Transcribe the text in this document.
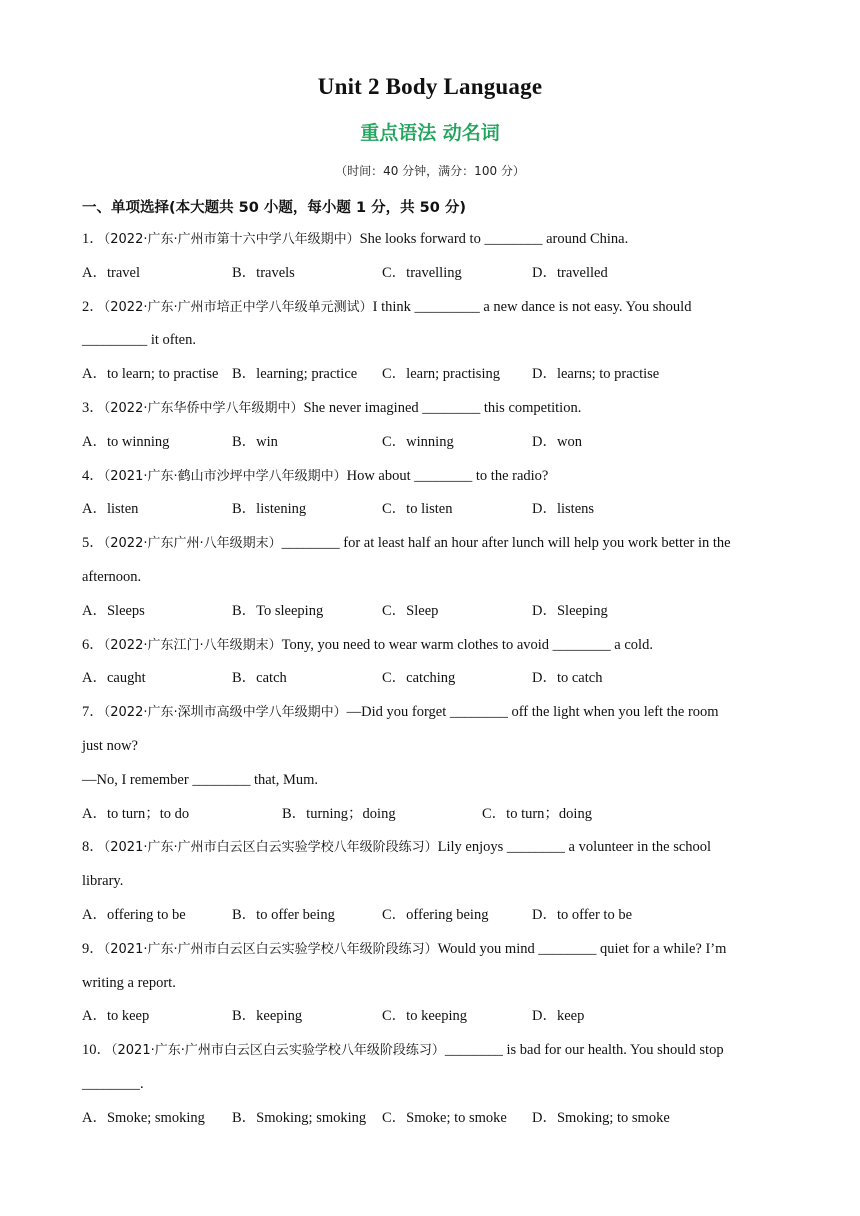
Unit 2 Body Language
重点语法 动名词
（时间：40 分钟，满分：100 分）
一、单项选择(本大题共 50 小题，每小题 1 分，共 50 分)
1．（2022·广东·广州市第十六中学八年级期中）She looks forward to ________ around China.
A．travel	B．travels	C．travelling	D．travelled
2．（2022·广东·广州市培正中学八年级单元测试）I think _________ a new dance is not easy. You should
_________ it often.
A．to learn; to practise B．learning; practice C．learn; practising D．learns; to practise
3．（2022·广东华侨中学八年级期中）She never imagined ________ this competition.
A．to winning	B．win	C．winning	D．won
4．（2021·广东·鹤山市沙坪中学八年级期中）How about ________ to the radio?
A．listen	B．listening	C．to listen	D．listens
5．（2022·广东广州·八年级期末）________ for at least half an hour after lunch will help you work better in the
afternoon.
A．Sleeps	B．To sleeping	C．Sleep	D．Sleeping
6．（2022·广东江门·八年级期末）Tony, you need to wear warm clothes to avoid ________ a cold.
A．caught	B．catch	C．catching	D．to catch
7．（2022·广东·深圳市高级中学八年级期中）—Did you forget ________ off the light when you left the room
just now?
—No, I remember ________ that, Mum.
A．to turn；to do	B．turning；doing	C．to turn；doing
8．（2021·广东·广州市白云区白云实验学校八年级阶段练习）Lily enjoys ________ a volunteer in the school
library.
A．offering to be	B．to offer being	C．offering being	D．to offer to be
9．（2021·广东·广州市白云区白云实验学校八年级阶段练习）Would you mind ________ quiet for a while? I’m
writing a report.
A．to keep	B．keeping	C．to keeping	D．keep
10．（2021·广东·广州市白云区白云实验学校八年级阶段练习）________ is bad for our health. You should stop
________.
A．Smoke; smoking B．Smoking; smoking C．Smoke; to smoke D．Smoking; to smoke
